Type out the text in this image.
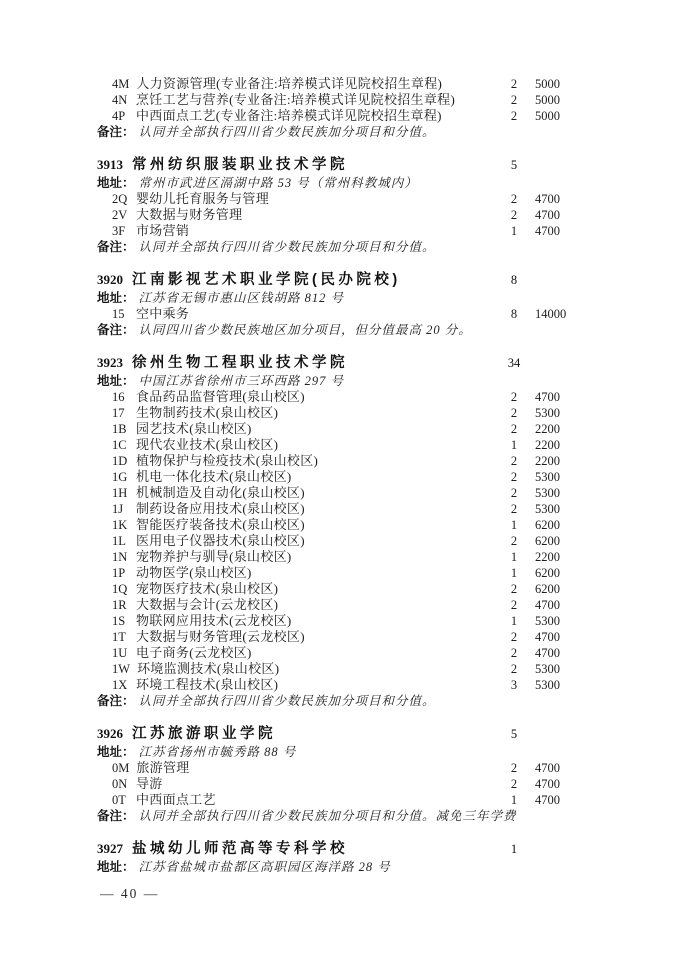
4M 人力资源管理(专业备注:培养模式详见院校招生章程)	2	5000
4N 烹饪工艺与营养(专业备注:培养模式详见院校招生章程)	2	5000
4P 中西面点工艺(专业备注:培养模式详见院校招生章程)	2	5000
备注： 认同并全部执行四川省少数民族加分项目和分值。
3913 常州纺织服装职业技术学院	5
地址： 常州市武进区滆湖中路 53 号（常州科教城内）
2Q 婴幼儿托育服务与管理	2	4700
2V 大数据与财务管理	2	4700
3F 市场营销	1	4700
备注： 认同并全部执行四川省少数民族加分项目和分值。
3920 江南影视艺术职业学院(民办院校)	8
地址： 江苏省无锡市惠山区钱胡路 812 号
15 空中乘务	8	14000
备注： 认同四川省少数民族地区加分项目，但分值最高 20 分。
3923 徐州生物工程职业技术学院	34
地址： 中国江苏省徐州市三环西路 297 号
16 食品药品监督管理(泉山校区)	2	4700
17 生物制药技术(泉山校区)	2	5300
1B 园艺技术(泉山校区)	2	2200
1C 现代农业技术(泉山校区)	1	2200
1D 植物保护与检疫技术(泉山校区)	2	2200
1G 机电一体化技术(泉山校区)	2	5300
1H 机械制造及自动化(泉山校区)	2	5300
1J 制药设备应用技术(泉山校区)	2	5300
1K 智能医疗装备技术(泉山校区)	1	6200
1L 医用电子仪器技术(泉山校区)	2	6200
1N 宠物养护与驯导(泉山校区)	1	2200
1P 动物医学(泉山校区)	1	6200
1Q 宠物医疗技术(泉山校区)	2	6200
1R 大数据与会计(云龙校区)	2	4700
1S 物联网应用技术(云龙校区)	1	5300
1T 大数据与财务管理(云龙校区)	2	4700
1U 电子商务(云龙校区)	2	4700
1W 环境监测技术(泉山校区)	2	5300
1X 环境工程技术(泉山校区)	3	5300
备注： 认同并全部执行四川省少数民族加分项目和分值。
3926 江苏旅游职业学院	5
地址： 江苏省扬州市毓秀路 88 号
0M 旅游管理	2	4700
0N 导游	2	4700
0T 中西面点工艺	1	4700
备注： 认同并全部执行四川省少数民族加分项目和分值。减免三年学费
3927 盐城幼儿师范高等专科学校	1
地址： 江苏省盐城市盐都区高职园区海洋路 28 号
— 40 —
